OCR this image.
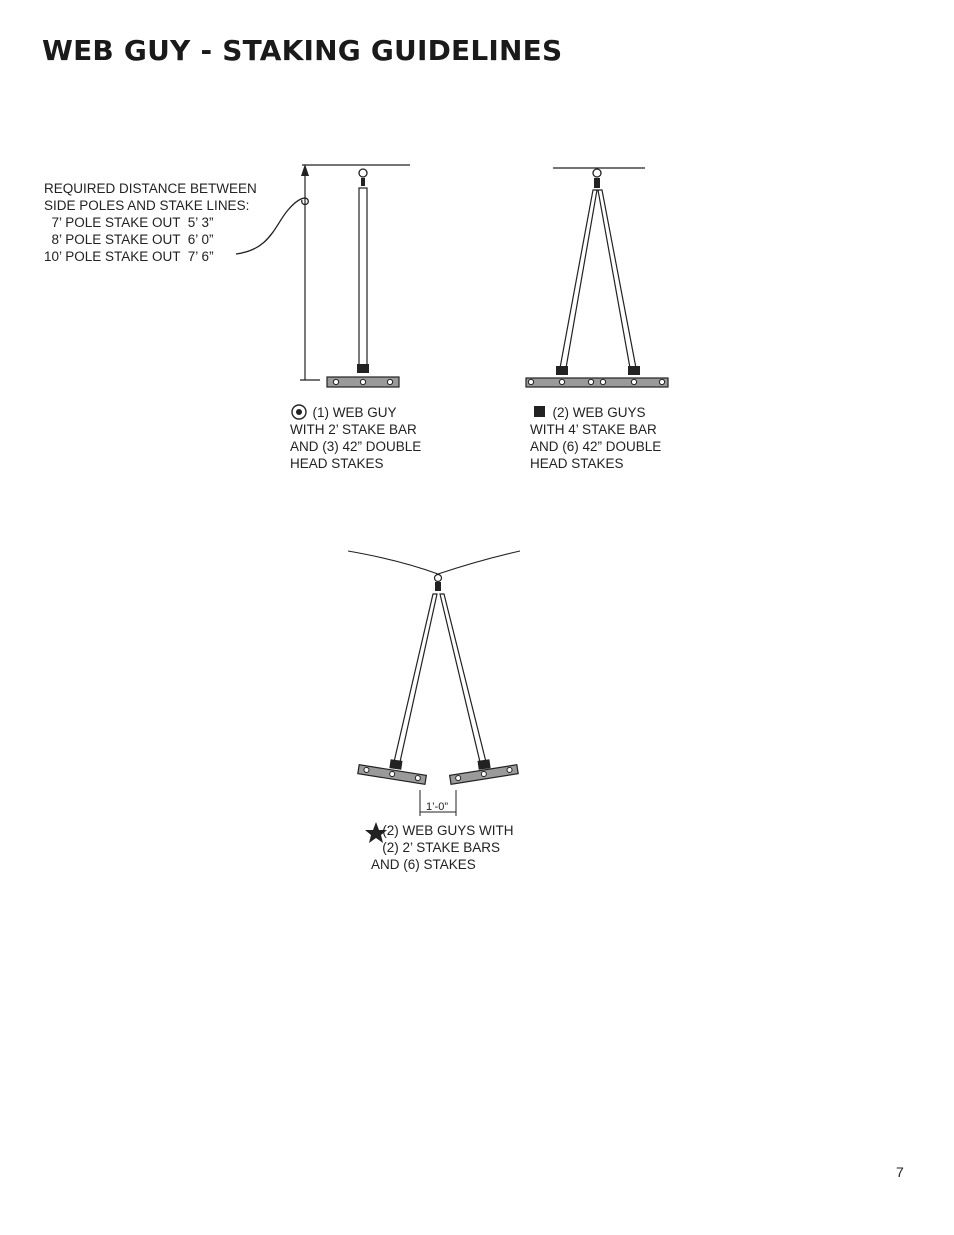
WEB GUY - STAKING GUIDELINES
REQUIRED DISTANCE BETWEEN
SIDE POLES AND STAKE LINES:
7’ POLE STAKE OUT  5’ 3”
8’ POLE STAKE OUT  6’ 0”
10’ POLE STAKE OUT  7’ 6”
1’-0”
(1) WEB GUY
WITH 2’ STAKE BAR
AND (3) 42” DOUBLE
HEAD STAKES
(2) WEB GUYS
WITH 4’ STAKE BAR
AND (6) 42” DOUBLE
HEAD STAKES
(2) WEB GUYS WITH
(2) 2’ STAKE BARS
AND (6) STAKES
7
